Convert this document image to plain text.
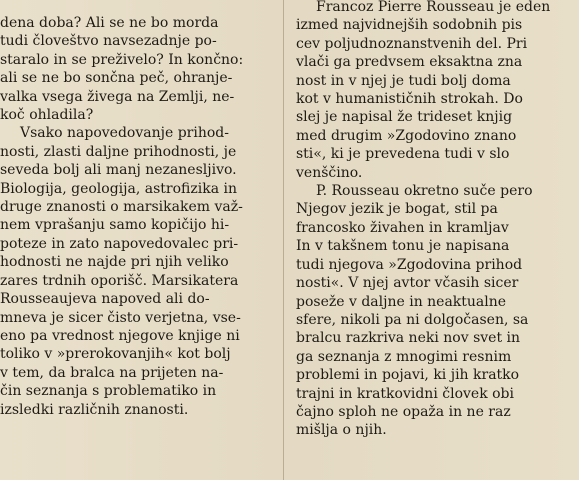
dena doba? Ali se ne bo morda
tudi človeštvo navsezadnje po-
staralo in se preživelo? In končno:
ali se ne bo sončna peč, ohranje-
valka vsega živega na Zemlji, ne-
koč ohladila?
Vsako napovedovanje prihod-
nosti, zlasti daljne prihodnosti, je
seveda bolj ali manj nezanesljivo.
Biologija, geologija, astrofizika in
druge znanosti o marsikakem važ-
nem vprašanju samo kopičijo hi-
poteze in zato napovedovalec pri-
hodnosti ne najde pri njih veliko
zares trdnih oporišč. Marsikatera
Rousseaujeva napoved ali do-
mneva je sicer čisto verjetna, vse-
eno pa vrednost njegove knjige ni
toliko v »prerokovanjih« kot bolj
v tem, da bralca na prijeten na-
čin seznanja s problematiko in
izsledki različnih znanosti.
Francoz Pierre Rousseau je eden
izmed najvidnejših sodobnih pis
cev poljudnoznanstvenih del. Pri
vlači ga predvsem eksaktna zna
nost in v njej je tudi bolj doma
kot v humanističnih strokah. Do
slej je napisal že trideset knjig
med drugim »Zgodovino znano
sti«, ki je prevedena tudi v slo
venščino.
P. Rousseau okretno suče pero
Njegov jezik je bogat, stil pa
francosko živahen in kramljav
In v takšnem tonu je napisana
tudi njegova »Zgodovina prihod
nosti«. V njej avtor včasih sicer
poseže v daljne in neaktualne
sfere, nikoli pa ni dolgočasen, sa
bralcu razkriva neki nov svet in
ga seznanja z mnogimi resnim
problemi in pojavi, ki jih kratko
trajni in kratkovidni človek obi
čajno sploh ne opaža in ne raz
mišlja o njih.
